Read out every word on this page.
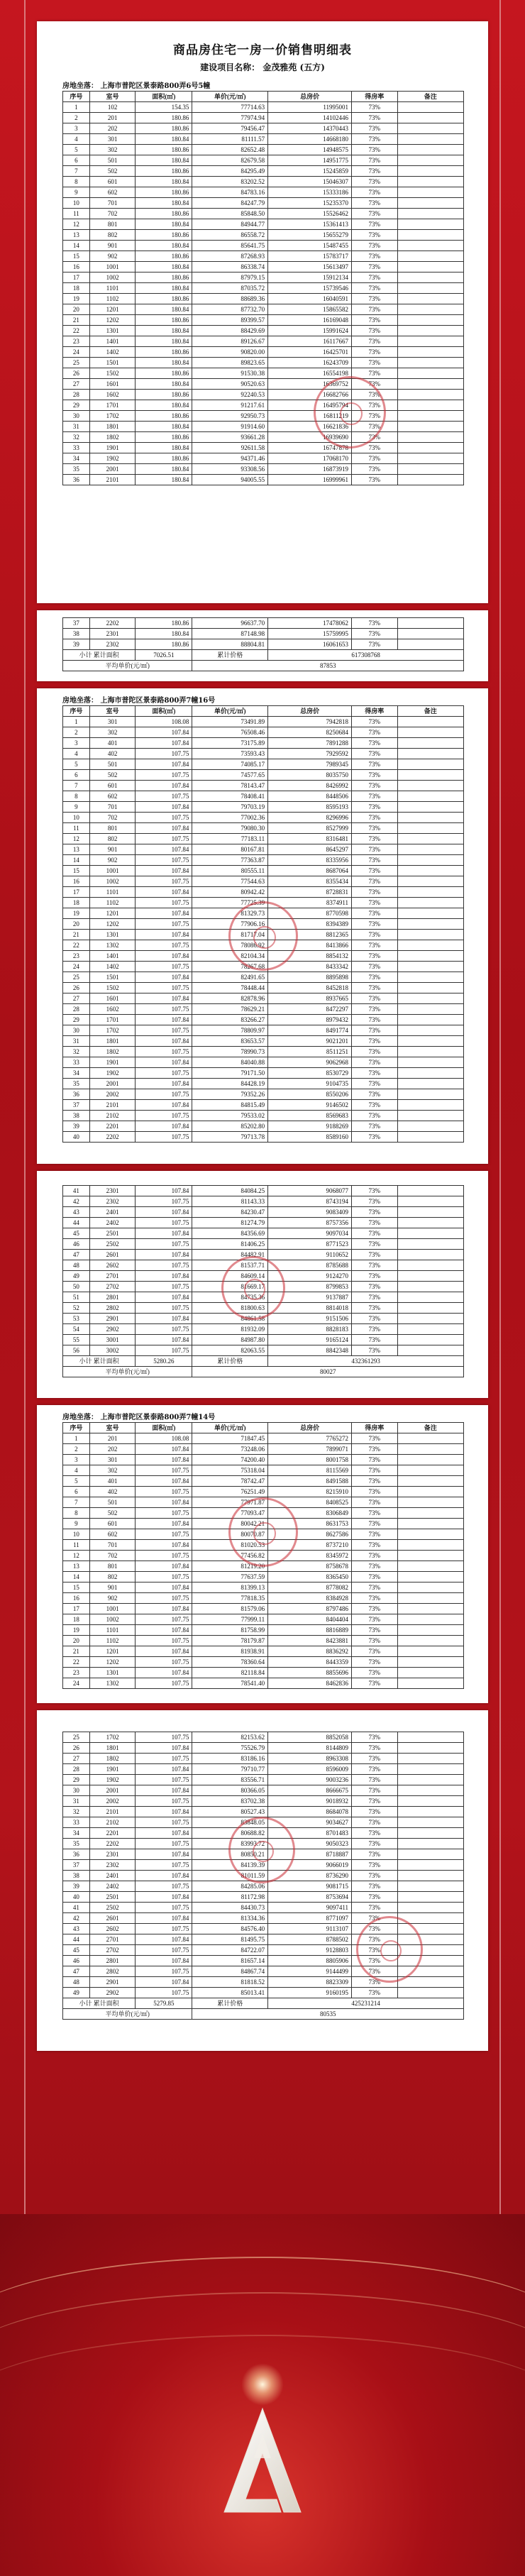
商品房住宅一房一价销售明细表
建设项目名称： 金茂雅苑 (五方)
房地坐落： 上海市普陀区景泰路800弄6号5幢
序号	室号	面积(㎡)	单价(元/㎡)	总房价	得房率	备注
1	102	154.35	77714.63	11995001	73%	
2	201	180.86	77974.94	14102446	73%	
3	202	180.86	79456.47	14370443	73%	
4	301	180.84	81111.57	14668180	73%	
5	302	180.86	82652.48	14948575	73%	
6	501	180.84	82679.58	14951775	73%	
7	502	180.86	84295.49	15245859	73%	
8	601	180.84	83202.52	15046307	73%	
9	602	180.86	84783.16	15333186	73%	
10	701	180.84	84247.79	15235370	73%	
11	702	180.86	85848.50	15526462	73%	
12	801	180.84	84944.77	15361413	73%	
13	802	180.86	86558.72	15655279	73%	
14	901	180.84	85641.75	15487455	73%	
15	902	180.86	87268.93	15783717	73%	
16	1001	180.84	86338.74	15613497	73%	
17	1002	180.86	87979.15	15912134	73%	
18	1101	180.84	87035.72	15739546	73%	
19	1102	180.86	88689.36	16040591	73%	
20	1201	180.84	87732.70	15865582	73%	
21	1202	180.86	89399.57	16169048	73%	
22	1301	180.84	88429.69	15991624	73%	
23	1401	180.84	89126.67	16117667	73%	
24	1402	180.86	90820.00	16425701	73%	
25	1501	180.84	89823.65	16243709	73%	
26	1502	180.86	91530.38	16554198	73%	
27	1601	180.84	90520.63	16369752	73%	
28	1602	180.86	92240.53	16682766	73%	
29	1701	180.84	91217.61	16495794	73%	
30	1702	180.86	92950.73	16811219	73%	
31	1801	180.84	91914.60	16621836	73%	
32	1802	180.86	93661.28	16939690	73%	
33	1901	180.84	92611.58	16747878	73%	
34	1902	180.86	94371.46	17068170	73%	
35	2001	180.84	93308.56	16873919	73%	
36	2101	180.84	94005.55	16999961	73%	
37	2202	180.86	96637.70	17478062	73%	
38	2301	180.84	87148.98	15759995	73%	
39	2302	180.86	88804.81	16061653	73%	
小计 累计面积		7026.51	累计价格	617308768		
平均单价(元/㎡)			87853			
房地坐落： 上海市普陀区景泰路800弄7幢16号
序号	室号	面积(㎡)	单价(元/㎡)	总房价	得房率	备注
1	301	108.08	73491.89	7942818	73%	
2	302	107.84	76508.46	8250684	73%	
3	401	107.84	73175.89	7891288	73%	
4	402	107.75	73593.43	7929592	73%	
5	501	107.84	74085.17	7989345	73%	
6	502	107.75	74577.65	8035750	73%	
7	601	107.84	78143.47	8426992	73%	
8	602	107.75	78408.41	8448506	73%	
9	701	107.84	79703.19	8595193	73%	
10	702	107.75	77002.36	8296996	73%	
11	801	107.84	79080.30	8527999	73%	
12	802	107.75	77183.11	8316481	73%	
13	901	107.84	80167.81	8645297	73%	
14	902	107.75	77363.87	8335956	73%	
15	1001	107.84	80555.11	8687064	73%	
16	1002	107.75	77544.63	8355434	73%	
17	1101	107.84	80942.42	8728831	73%	
18	1102	107.75	77725.39	8374911	73%	
19	1201	107.84	81329.73	8770598	73%	
20	1202	107.75	77906.16	8394389	73%	
21	1301	107.84	81717.04	8812365	73%	
22	1302	107.75	78086.92	8413866	73%	
23	1401	107.84	82104.34	8854132	73%	
24	1402	107.75	78267.68	8433342	73%	
25	1501	107.84	82491.65	8895898	73%	
26	1502	107.75	78448.44	8452818	73%	
27	1601	107.84	82878.96	8937665	73%	
28	1602	107.75	78629.21	8472297	73%	
29	1701	107.84	83266.27	8979432	73%	
30	1702	107.75	78809.97	8491774	73%	
31	1801	107.84	83653.57	9021201	73%	
32	1802	107.75	78990.73	8511251	73%	
33	1901	107.84	84040.88	9062968	73%	
34	1902	107.75	79171.50	8530729	73%	
35	2001	107.84	84428.19	9104735	73%	
36	2002	107.75	79352.26	8550206	73%	
37	2101	107.84	84815.49	9146502	73%	
38	2102	107.75	79533.02	8569683	73%	
39	2201	107.84	85202.80	9188269	73%	
40	2202	107.75	79713.78	8589160	73%	
41	2301	107.84	84084.25	9068077	73%	
42	2302	107.75	81143.33	8743194	73%	
43	2401	107.84	84230.47	9083409	73%	
44	2402	107.75	81274.79	8757356	73%	
45	2501	107.84	84356.69	9097034	73%	
46	2502	107.75	81406.25	8771523	73%	
47	2601	107.84	84482.91	9110652	73%	
48	2602	107.75	81537.71	8785688	73%	
49	2701	107.84	84609.14	9124270	73%	
50	2702	107.75	81669.17	8799853	73%	
51	2801	107.84	84735.36	9137887	73%	
52	2802	107.75	81800.63	8814018	73%	
53	2901	107.84	84861.58	9151506	73%	
54	2902	107.75	81932.09	8828183	73%	
55	3001	107.84	84987.80	9165124	73%	
56	3002	107.75	82063.55	8842348	73%	
小计 累计面积		5280.26	累计价格	432361293		
平均单价(元/㎡)			80027			
房地坐落： 上海市普陀区景泰路800弄7幢14号
序号	室号	面积(㎡)	单价(元/㎡)	总房价	得房率	备注
1	201	108.08	71847.45	7765272	73%	
2	202	107.84	73248.06	7899071	73%	
3	301	107.84	74200.40	8001758	73%	
4	302	107.75	75318.04	8115569	73%	
5	401	107.84	78742.47	8491588	73%	
6	402	107.75	76251.49	8215910	73%	
7	501	107.84	77971.87	8408525	73%	
8	502	107.75	77093.47	8306849	73%	
9	601	107.84	80042.21	8631753	73%	
10	602	107.75	80070.87	8627586	73%	
11	701	107.84	81020.53	8737210	73%	
12	702	107.75	77456.82	8345972	73%	
13	801	107.84	81219.20	8758678	73%	
14	802	107.75	77637.59	8365450	73%	
15	901	107.84	81399.13	8778082	73%	
16	902	107.75	77818.35	8384928	73%	
17	1001	107.84	81579.06	8797486	73%	
18	1002	107.75	77999.11	8404404	73%	
19	1101	107.84	81758.99	8816889	73%	
20	1102	107.75	78179.87	8423881	73%	
21	1201	107.84	81938.91	8836292	73%	
22	1202	107.75	78360.64	8443359	73%	
23	1301	107.84	82118.84	8855696	73%	
24	1302	107.75	78541.40	8462836	73%	
25	1702	107.75	82153.62	8852058	73%	
26	1801	107.84	75526.79	8144809	73%	
27	1802	107.75	83186.16	8963308	73%	
28	1901	107.84	79710.77	8596009	73%	
29	1902	107.75	83556.71	9003236	73%	
30	2001	107.84	80366.05	8666675	73%	
31	2002	107.75	83702.38	9018932	73%	
32	2101	107.84	80527.43	8684078	73%	
33	2102	107.75	83848.05	9034627	73%	
34	2201	107.84	80688.82	8701483	73%	
35	2202	107.75	83993.72	9050323	73%	
36	2301	107.84	80850.21	8718887	73%	
37	2302	107.75	84139.39	9066019	73%	
38	2401	107.84	81011.59	8736290	73%	
39	2402	107.75	84285.06	9081715	73%	
40	2501	107.84	81172.98	8753694	73%	
41	2502	107.75	84430.73	9097411	73%	
42	2601	107.84	81334.36	8771097	73%	
43	2602	107.75	84576.40	9113107	73%	
44	2701	107.84	81495.75	8788502	73%	
45	2702	107.75	84722.07	9128803	73%	
46	2801	107.84	81657.14	8805906	73%	
47	2802	107.75	84867.74	9144499	73%	
48	2901	107.84	81818.52	8823309	73%	
49	2902	107.75	85013.41	9160195	73%	
小计 累计面积		5279.85	累计价格	425231214		
平均单价(元/㎡)			80535			
